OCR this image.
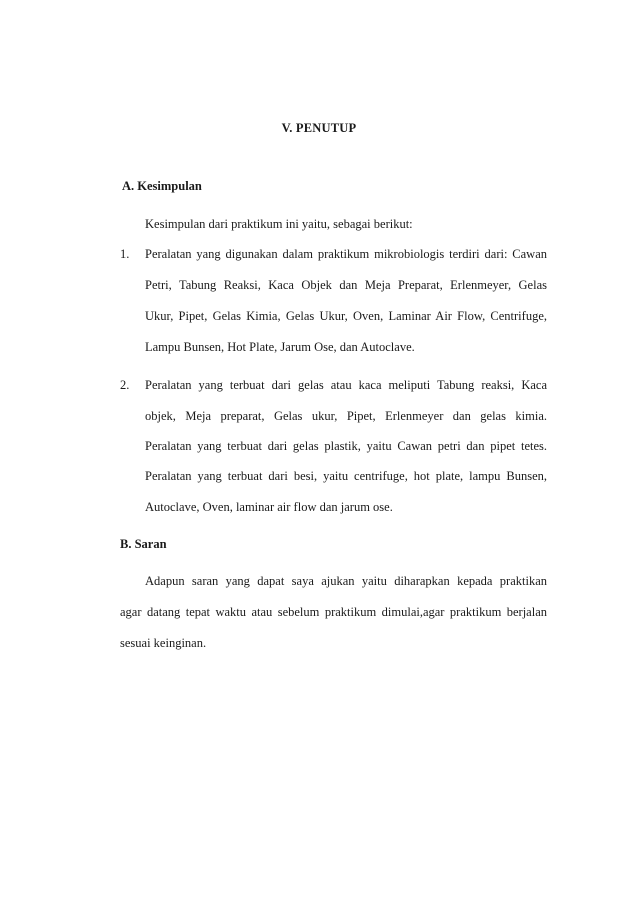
V. PENUTUP
A. Kesimpulan
Kesimpulan dari praktikum ini yaitu, sebagai berikut:
1. Peralatan yang digunakan dalam praktikum mikrobiologis terdiri dari: Cawan
Petri, Tabung Reaksi, Kaca Objek dan Meja Preparat, Erlenmeyer, Gelas
Ukur, Pipet, Gelas Kimia, Gelas Ukur, Oven, Laminar Air Flow, Centrifuge,
Lampu Bunsen, Hot Plate, Jarum Ose, dan Autoclave.
2. Peralatan yang terbuat dari gelas atau kaca meliputi Tabung reaksi, Kaca
objek, Meja preparat, Gelas ukur, Pipet, Erlenmeyer dan gelas kimia.
Peralatan yang terbuat dari gelas plastik, yaitu Cawan petri dan pipet tetes.
Peralatan yang terbuat dari besi, yaitu centrifuge, hot plate, lampu Bunsen,
Autoclave, Oven, laminar air flow dan jarum ose.
B. Saran
Adapun saran yang dapat saya ajukan yaitu diharapkan kepada praktikan
agar datang tepat waktu atau sebelum praktikum dimulai,agar praktikum berjalan
sesuai keinginan.
